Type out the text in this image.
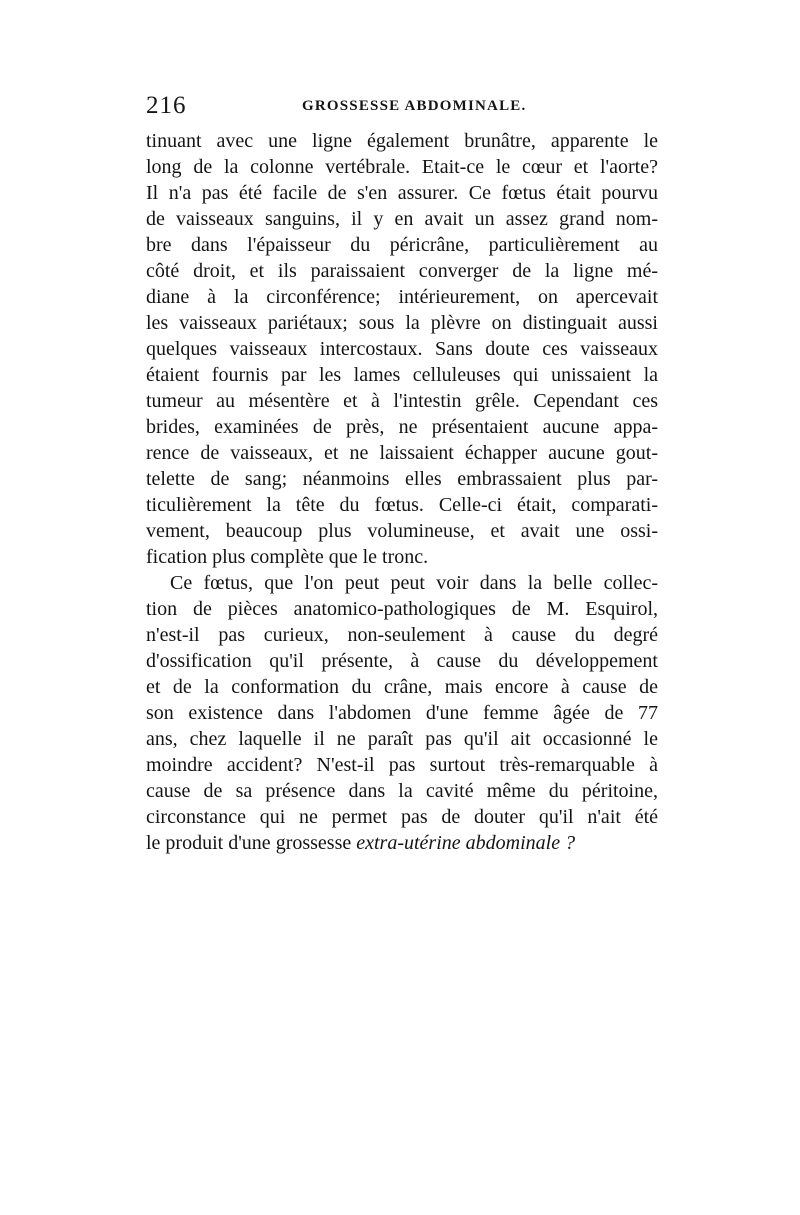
216	GROSSESSE ABDOMINALE.
tinuant avec une ligne également brunâtre, apparente le
long de la colonne vertébrale. Etait-ce le cœur et l'aorte?
Il n'a pas été facile de s'en assurer. Ce fœtus était pourvu
de vaisseaux sanguins, il y en avait un assez grand nom-
bre dans l'épaisseur du péricrâne, particulièrement au
côté droit, et ils paraissaient converger de la ligne mé-
diane à la circonférence; intérieurement, on apercevait
les vaisseaux pariétaux; sous la plèvre on distinguait aussi
quelques vaisseaux intercostaux. Sans doute ces vaisseaux
étaient fournis par les lames celluleuses qui unissaient la
tumeur au mésentère et à l'intestin grêle. Cependant ces
brides, examinées de près, ne présentaient aucune appa-
rence de vaisseaux, et ne laissaient échapper aucune gout-
telette de sang; néanmoins elles embrassaient plus par-
ticulièrement la tête du fœtus. Celle-ci était, comparati-
vement, beaucoup plus volumineuse, et avait une ossi-
fication plus complète que le tronc.
Ce fœtus, que l'on peut peut voir dans la belle collec-
tion de pièces anatomico-pathologiques de M. Esquirol,
n'est-il pas curieux, non-seulement à cause du degré
d'ossification qu'il présente, à cause du développement
et de la conformation du crâne, mais encore à cause de
son existence dans l'abdomen d'une femme âgée de 77
ans, chez laquelle il ne paraît pas qu'il ait occasionné le
moindre accident? N'est-il pas surtout très-remarquable à
cause de sa présence dans la cavité même du péritoine,
circonstance qui ne permet pas de douter qu'il n'ait été
le produit d'une grossesse extra-utérine abdominale ?
